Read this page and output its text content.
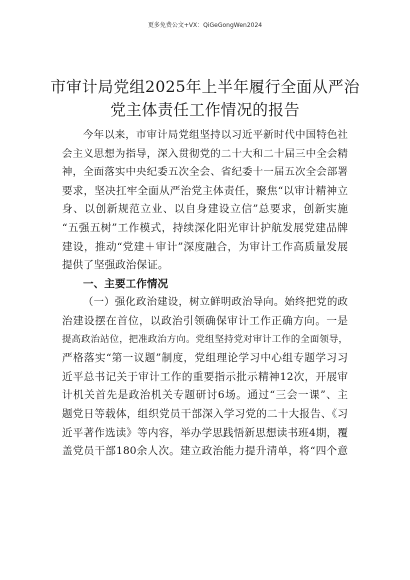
更多免费公文+VX：QiGeGongWen2024
市审计局党组2025年上半年履行全面从严治
党主体责任工作情况的报告
今年以来，市审计局党组坚持以习近平新时代中国特色社
会主义思想为指导，深入贯彻党的二十大和二十届三中全会精
神，全面落实中央纪委五次全会、省纪委十一届五次全会部署
要求，坚决扛牢全面从严治党主体责任，聚焦“以审计精神立
身、以创新规范立业、以自身建设立信”总要求，创新实施
“五强五树”工作模式，持续深化阳光审计护航发展党建品牌
建设，推动“党建＋审计”深度融合，为审计工作高质量发展
提供了坚强政治保证。
一、主要工作情况
（一）强化政治建设，树立鲜明政治导向。始终把党的政
治建设摆在首位，以政治引领确保审计工作正确方向。一是
提高政治站位，把准政治方向。党组坚持党对审计工作的全面领导，
严格落实“第一议题”制度，党组理论学习中心组专题学习习
近平总书记关于审计工作的重要指示批示精神12次，开展审
计机关首先是政治机关专题研讨6场。通过“三会一课”、主
题党日等载体，组织党员干部深入学习党的二十大报告、《习
近平著作选读》等内容，举办学思践悟新思想读书班4期，覆
盖党员干部180余人次。建立政治能力提升清单，将“四个意
